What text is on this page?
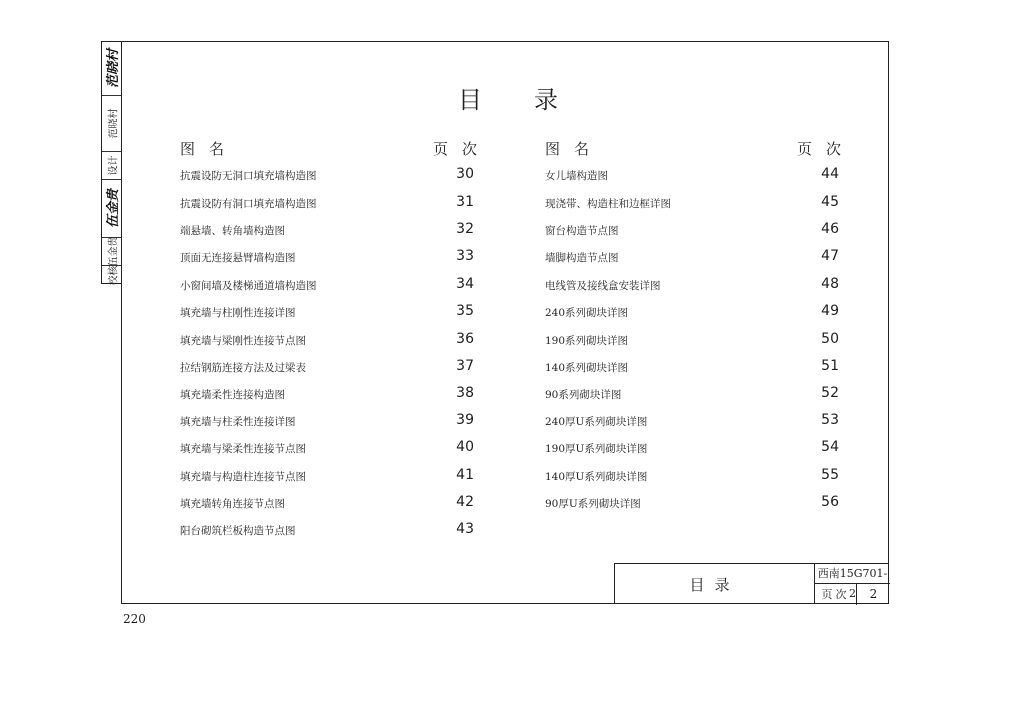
范晓村
范晓村
设计
伍金贵
伍金贵
校核
目录
图名	页次	图名	页次
抗震设防无洞口填充墙构造图	30
抗震设防有洞口填充墙构造图	31
端悬墙、转角墙构造图	32
顶面无连接悬臂墙构造图	33
小窗间墙及楼梯通道墙构造图	34
填充墙与柱刚性连接详图	35
填充墙与梁刚性连接节点图	36
拉结钢筋连接方法及过梁表	37
填充墙柔性连接构造图	38
填充墙与柱柔性连接详图	39
填充墙与梁柔性连接节点图	40
填充墙与构造柱连接节点图	41
填充墙转角连接节点图	42
阳台砌筑栏板构造节点图	43
女儿墙构造图	44
现浇带、构造柱和边框详图	45
窗台构造节点图	46
墙脚构造节点图	47
电线管及接线盒安装详图	48
240系列砌块详图	49
190系列砌块详图	50
140系列砌块详图	51
90系列砌块详图	52
240厚U系列砌块详图	53
190厚U系列砌块详图	54
140厚U系列砌块详图	55
90厚U系列砌块详图	56
目录
西南15G701-2
页次	2
220
